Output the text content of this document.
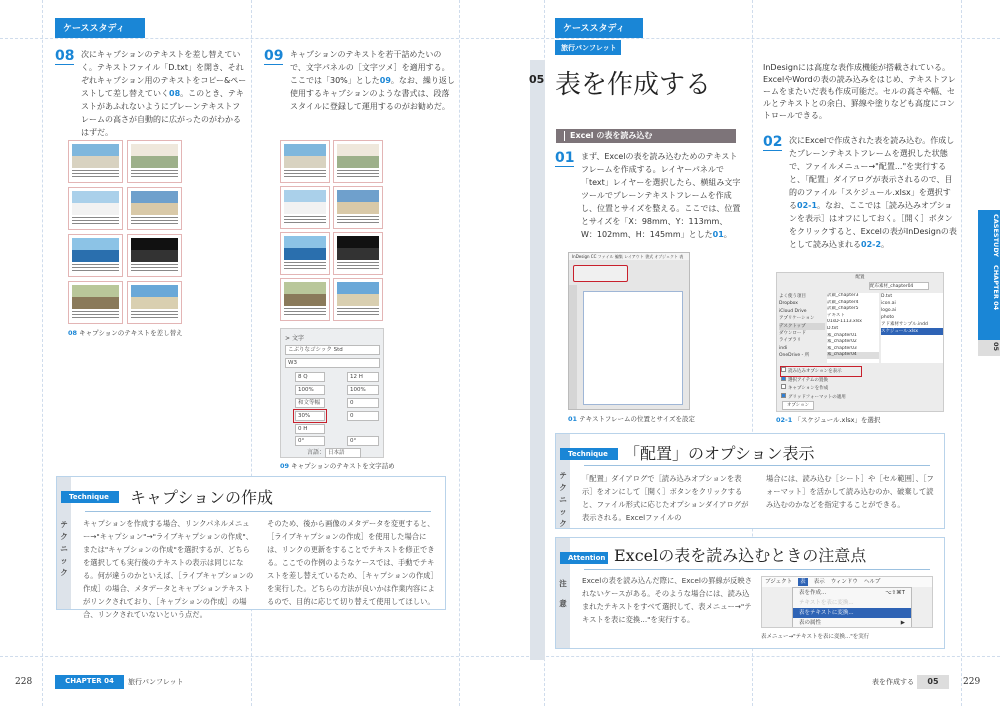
ケーススタディ
08 次にキャプションのテキストを差し替えていく。テキストファイル「D.txt」を開き、それぞれキャプション用のテキストをコピー&ペーストして差し替えていく08。このとき、テキストがあふれないようにプレーンテキストフレームの高さが自動的に広がったのがわかるはずだ。
09 キャプションのテキストを若干詰めたいので、文字パネルの［文字ツメ］を適用する。ここでは「30%」とした09。なお、繰り返し使用するキャプションのような書式は、段落スタイルに登録して運用するのがお勧めだ。
08 キャプションのテキストを差し替え
> 文字
こぶりなゴシック Std
W3
8 Q	12 H
100%	100%
和文等幅	0
30%	0
0 H
0°	0°
言語： 日本語
09 キャプションのテキストを文字詰め
テクニック
Technique	キャプションの作成
キャプションを作成する場合、リンクパネルメニュー→"キャプション"→"ライブキャプションの作成"、または"キャプションの作成"を選択するが、どちらを選択しても実行後のテキストの表示は同じになる。何が違うのかといえば、［ライブキャプションの作成］の場合、メタデータとキャプションテキストがリンクされており、［キャプションの作成］の場合、リンクされていないという点だ。
そのため、後から画像のメタデータを変更すると、［ライブキャプションの作成］を使用した場合には、リンクの更新をすることでテキストを修正できる。ここでの作例のようなケースでは、手動でテキストを差し替えているため、［キャプションの作成］を実行した。どちらの方法が良いかは作業内容によるので、目的に応じて切り替えて使用してほしい。
228	CHAPTER 04	旅行パンフレット
ケーススタディ
旅行パンフレット
05 表を作成する
InDesignには高度な表作成機能が搭載されている。ExcelやWordの表の読み込みをはじめ、テキストフレームをまたいだ表も作成可能だ。セルの高さや幅、セルとテキストとの余白、罫線や塗りなども高度にコントロールできる。
Excel の表を読み込む
01 まず、Excelの表を読み込むためのテキストフレームを作成する。レイヤーパネルで「text」レイヤーを選択したら、横組み文字ツールでプレーンテキストフレームを作成し、位置とサイズを整える。ここでは、位置とサイズを「X：98mm、Y：113mm、W：102mm、H：145mm」とした01。
02 次にExcelで作成された表を読み込む。作成したプレーンテキストフレームを選択した状態で、ファイルメニュー→"配置..."を実行すると、「配置」ダイアログが表示されるので、目的のファイル「スケジュール.xlsx」を選択する02-1。なお、ここでは［読み込みオプションを表示］はオフにしておく。［開く］ボタンをクリックすると、Excelの表がInDesignの表として読み込まれる02-2。
InDesign CC ファイル 編集 レイアウト 書式 オブジェクト 表
01 テキストフレームの位置とサイズを設定
配置
配布素材_chapter04
よく使う項目
Dropbox
iCloud Drive
アプリケーション
デスクトップ
ダウンロード
ライブラリ
indi
OneDrive - 所
訳載_chapter3
訳載_chapter4
訳載_chapter5
テキスト
01sD-1113.xlsx
D.txt
素_chapter01
素_chapter02
素_chapter03
素_chapter04
D.txt
icon.ai
logo.ai
photo
アド素材サンプル.indd
スケジュール.xlsx
読み込みオプションを表示
選択アイテムの置換
キャプションを作成
グリッドフォーマットの適用
オプション
02-1 「スケジュール.xlsx」を選択
テクニック
Technique	「配置」のオプション表示
「配置」ダイアログで［読み込みオプションを表示］をオンにして［開く］ボタンをクリックすると、ファイル形式に応じたオプションダイアログが表示される。Excelファイルの
場合には、読み込む［シート］や［セル範囲］、［フォーマット］を活かして読み込むのか、破棄して読み込むのかなどを指定することができる。
注意
Attention Excelの表を読み込むときの注意点
Excelの表を読み込んだ際に、Excelの罫線が反映されないケースがある。そのような場合には、読み込まれたテキストをすべて選択して、表メニュー→"テキストを表に変換..."を実行する。
ブジェクト	表	表示 ウィンドウ ヘルプ
表を作成...	⌥⇧⌘T
テキストを表に変換...
表をテキストに変換...
表の属性	▶
表メニュー→"テキストを表に変換..."を実行
CASESTUDYCHAPTER 04
05
表を作成する	05	229
